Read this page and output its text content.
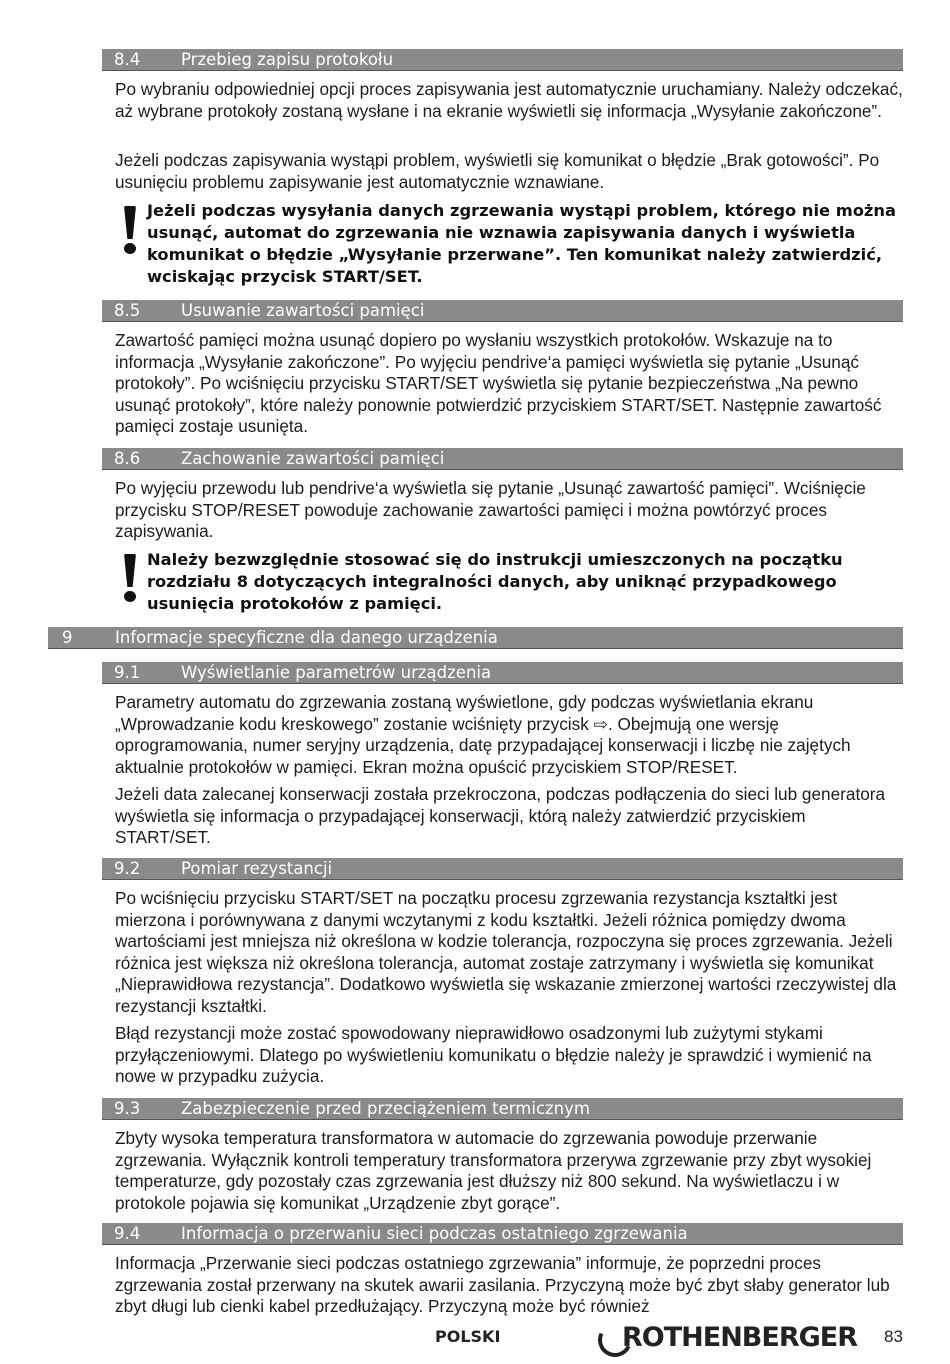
8.4 Przebieg zapisu protokołu

Po wybraniu odpowiedniej opcji proces zapisywania jest automatycznie uruchamiany. Należy odczekać, aż wybrane protokoły zostaną wysłane i na ekranie wyświetli się informacja „Wysyłanie zakończone”.

Jeżeli podczas zapisywania wystąpi problem, wyświetli się komunikat o błędzie „Brak gotowości”. Po usunięciu problemu zapisywanie jest automatycznie wznawiane.

Jeżeli podczas wysyłania danych zgrzewania wystąpi problem, którego nie można usunąć, automat do zgrzewania nie wznawia zapisywania danych i wyświetla komunikat o błędzie „Wysyłanie przerwane”. Ten komunikat należy zatwierdzić, wciskając przycisk START/SET.

8.5 Usuwanie zawartości pamięci

Zawartość pamięci można usunąć dopiero po wysłaniu wszystkich protokołów. Wskazuje na to informacja „Wysyłanie zakończone”. Po wyjęciu pendrive‘a pamięci wyświetla się pytanie „Usunąć protokoły”. Po wciśnięciu przycisku START/SET wyświetla się pytanie bezpieczeństwa „Na pewno usunąć protokoły”, które należy ponownie potwierdzić przyciskiem START/SET. Następnie zawartość pamięci zostaje usunięta.

8.6 Zachowanie zawartości pamięci

Po wyjęciu przewodu lub pendrive‘a wyświetla się pytanie „Usunąć zawartość pamięci”. Wciśnięcie przycisku STOP/RESET powoduje zachowanie zawartości pamięci i można powtórzyć proces zapisywania.

Należy bezwzględnie stosować się do instrukcji umieszczonych na początku rozdziału 8 dotyczących integralności danych, aby uniknąć przypadkowego usunięcia protokołów z pamięci.

9	Informacje specyficzne dla danego urządzenia
9.1 Wyświetlanie parametrów urządzenia

Parametry automatu do zgrzewania zostaną wyświetlone, gdy podczas wyświetlania ekranu „Wprowadzanie kodu kreskowego” zostanie wciśnięty przycisk ⇨. Obejmują one wersję oprogramowania, numer seryjny urządzenia, datę przypadającej konserwacji i liczbę nie zajętych aktualnie protokołów w pamięci. Ekran można opuścić przyciskiem STOP/RESET.

Jeżeli data zalecanej konserwacji została przekroczona, podczas podłączenia do sieci lub generatora wyświetla się informacja o przypadającej konserwacji, którą należy zatwierdzić przyciskiem START/SET.

9.2 Pomiar rezystancji

Po wciśnięciu przycisku START/SET na początku procesu zgrzewania rezystancja kształtki jest mierzona i porównywana z danymi wczytanymi z kodu kształtki. Jeżeli różnica pomiędzy dwoma wartościami jest mniejsza niż określona w kodzie tolerancja, rozpoczyna się proces zgrzewania. Jeżeli różnica jest większa niż określona tolerancja, automat zostaje zatrzymany i wyświetla się komunikat „Nieprawidłowa rezystancja”. Dodatkowo wyświetla się wskazanie zmierzonej wartości rzeczywistej dla rezystancji kształtki.

Błąd rezystancji może zostać spowodowany nieprawidłowo osadzonymi lub zużytymi stykami przyłączeniowymi. Dlatego po wyświetleniu komunikatu o błędzie należy je sprawdzić i wymienić na nowe w przypadku zużycia.

9.3 Zabezpieczenie przed przeciążeniem termicznym

Zbyty wysoka temperatura transformatora w automacie do zgrzewania powoduje przerwanie zgrzewania. Wyłącznik kontroli temperatury transformatora przerywa zgrzewanie przy zbyt wysokiej temperaturze, gdy pozostały czas zgrzewania jest dłuższy niż 800 sekund. Na wyświetlaczu i w protokole pojawia się komunikat „Urządzenie zbyt gorące”.

9.4 Informacja o przerwaniu sieci podczas ostatniego zgrzewania

Informacja „Przerwanie sieci podczas ostatniego zgrzewania” informuje, że poprzedni proces zgrzewania został przerwany na skutek awarii zasilania. Przyczyną może być zbyt słaby generator lub zbyt długi lub cienki kabel przedłużający. Przyczyną może być również

POLSKI	ROTHENBERGER 83
